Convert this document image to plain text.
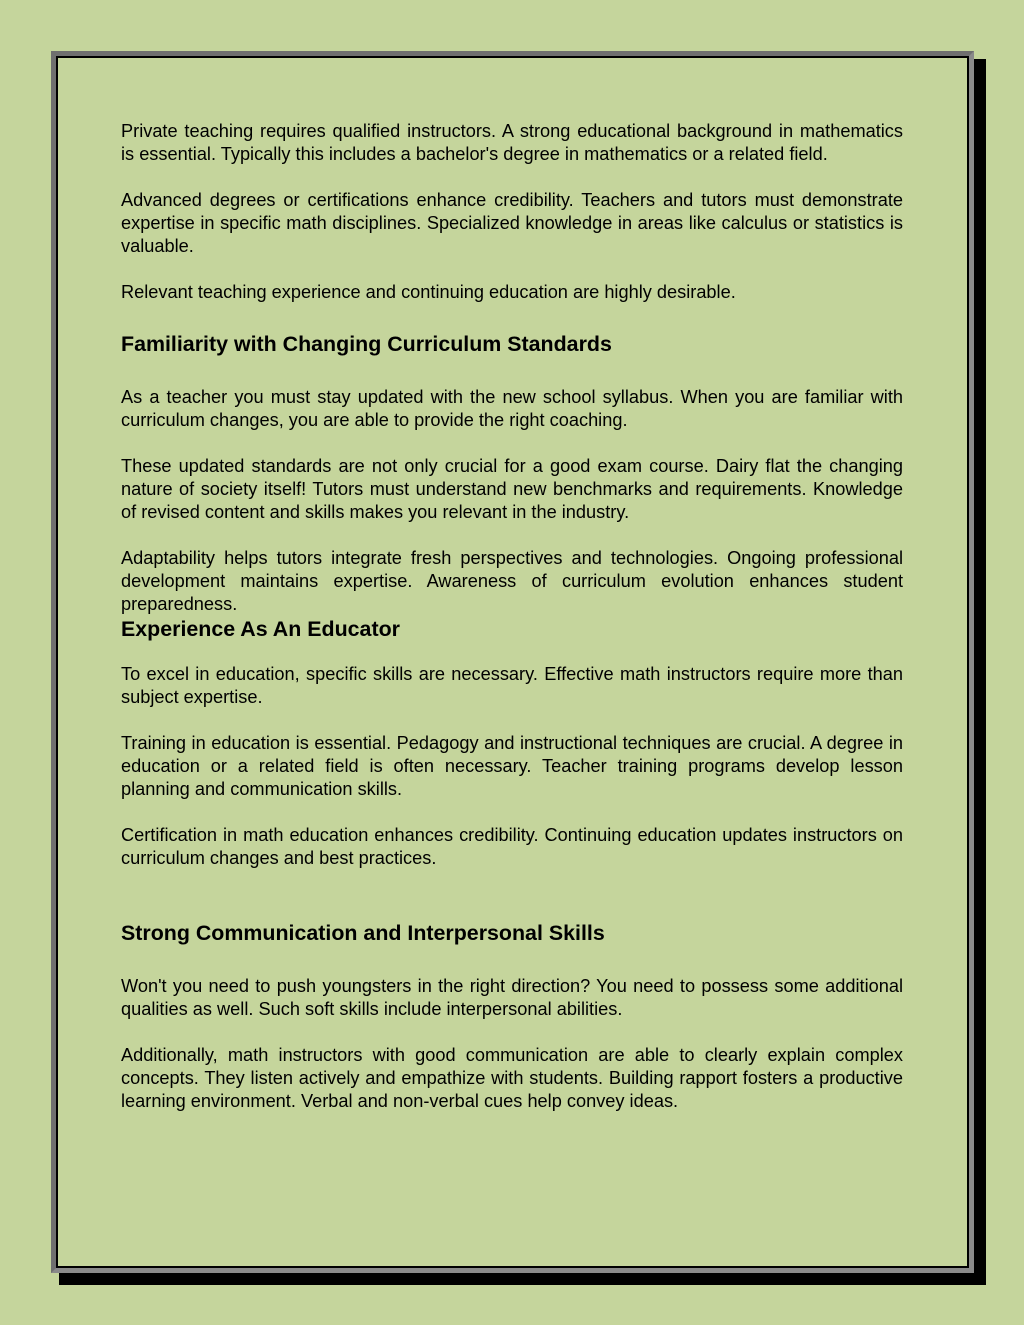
Private teaching requires qualified instructors. A strong educational background in mathematics is essential. Typically this includes a bachelor's degree in mathematics or a related field.

Advanced degrees or certifications enhance credibility. Teachers and tutors must demonstrate expertise in specific math disciplines. Specialized knowledge in areas like calculus or statistics is valuable.

Relevant teaching experience and continuing education are highly desirable.

Familiarity with Changing Curriculum Standards

As a teacher you must stay updated with the new school syllabus. When you are familiar with curriculum changes, you are able to provide the right coaching.

These updated standards are not only crucial for a good exam course. Dairy flat the changing nature of society itself! Tutors must understand new benchmarks and requirements. Knowledge of revised content and skills makes you relevant in the industry.

Adaptability helps tutors integrate fresh perspectives and technologies. Ongoing professional development maintains expertise. Awareness of curriculum evolution enhances student preparedness.

Experience As An Educator

To excel in education, specific skills are necessary. Effective math instructors require more than subject expertise.

Training in education is essential. Pedagogy and instructional techniques are crucial. A degree in education or a related field is often necessary. Teacher training programs develop lesson planning and communication skills.

Certification in math education enhances credibility. Continuing education updates instructors on curriculum changes and best practices.

Strong Communication and Interpersonal Skills

Won't you need to push youngsters in the right direction? You need to possess some additional qualities as well. Such soft skills include interpersonal abilities.

Additionally, math instructors with good communication are able to clearly explain complex concepts. They listen actively and empathize with students. Building rapport fosters a productive learning environment. Verbal and non-verbal cues help convey ideas.
